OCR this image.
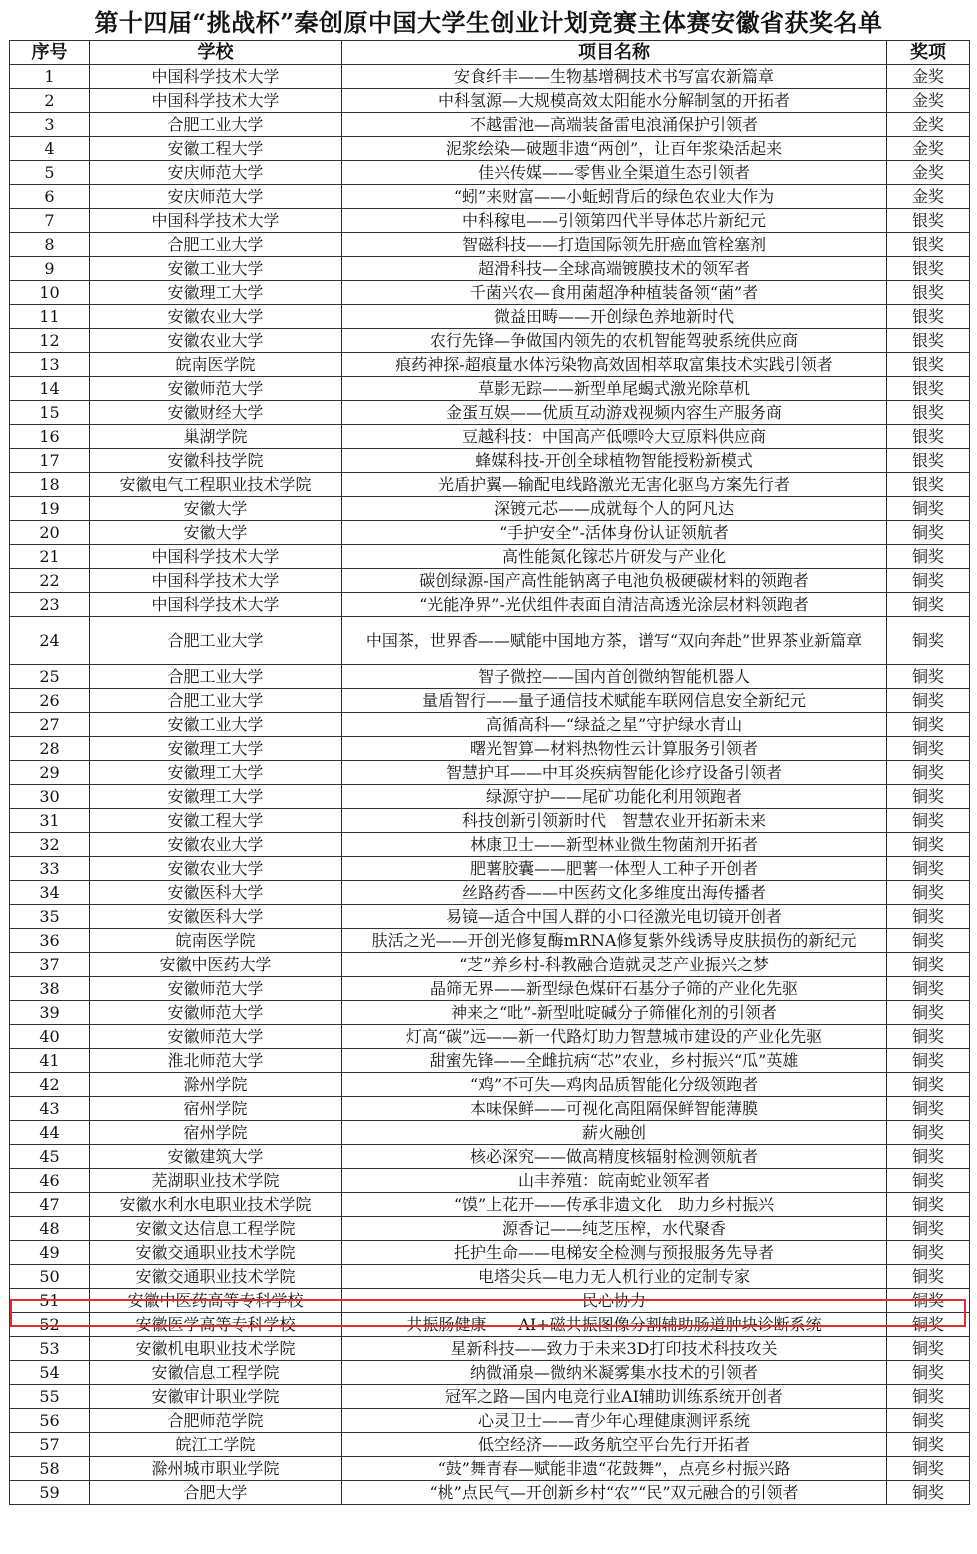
第十四届“挑战杯”秦创原中国大学生创业计划竞赛主体赛安徽省获奖名单
序号	学校	项目名称	奖项
1	中国科学技术大学	安食纤丰——生物基增稠技术书写富农新篇章	金奖
2	中国科学技术大学	中科氢源—大规模高效太阳能水分解制氢的开拓者	金奖
3	合肥工业大学	不越雷池—高端装备雷电浪涌保护引领者	金奖
4	安徽工程大学	泥浆绘染—破题非遗“两创”，让百年浆染活起来	金奖
5	安庆师范大学	佳兴传媒——零售业全渠道生态引领者	金奖
6	安庆师范大学	“蚓”来财富——小蚯蚓背后的绿色农业大作为	金奖
7	中国科学技术大学	中科稼电——引领第四代半导体芯片新纪元	银奖
8	合肥工业大学	智磁科技——打造国际领先肝癌血管栓塞剂	银奖
9	安徽工业大学	超滑科技—全球高端镀膜技术的领军者	银奖
10	安徽理工大学	千菌兴农—食用菌超净种植装备领“菌”者	银奖
11	安徽农业大学	微益田畴——开创绿色养地新时代	银奖
12	安徽农业大学	农行先锋—争做国内领先的农机智能驾驶系统供应商	银奖
13	皖南医学院	痕药神探-超痕量水体污染物高效固相萃取富集技术实践引领者	银奖
14	安徽师范大学	草影无踪——新型单尾蝎式激光除草机	银奖
15	安徽财经大学	金蛋互娱——优质互动游戏视频内容生产服务商	银奖
16	巢湖学院	豆越科技：中国高产低嘌呤大豆原料供应商	银奖
17	安徽科技学院	蜂媒科技-开创全球植物智能授粉新模式	银奖
18	安徽电气工程职业技术学院	光盾护翼—输配电线路激光无害化驱鸟方案先行者	银奖
19	安徽大学	深镀元芯——成就每个人的阿凡达	铜奖
20	安徽大学	“手护安全”-活体身份认证领航者	铜奖
21	中国科学技术大学	高性能氮化镓芯片研发与产业化	铜奖
22	中国科学技术大学	碳创绿源-国产高性能钠离子电池负极硬碳材料的领跑者	铜奖
23	中国科学技术大学	“光能净界”-光伏组件表面自清洁高透光涂层材料领跑者	铜奖
24	合肥工业大学	中国茶，世界香——赋能中国地方茶，谱写“双向奔赴”世界茶业新篇章	铜奖
25	合肥工业大学	智子微控——国内首创微纳智能机器人	铜奖
26	合肥工业大学	量盾智行——量子通信技术赋能车联网信息安全新纪元	铜奖
27	安徽工业大学	高循高科—“绿益之星”守护绿水青山	铜奖
28	安徽理工大学	曙光智算—材料热物性云计算服务引领者	铜奖
29	安徽理工大学	智慧护耳——中耳炎疾病智能化诊疗设备引领者	铜奖
30	安徽理工大学	绿源守护——尾矿功能化利用领跑者	铜奖
31	安徽工程大学	科技创新引领新时代　智慧农业开拓新未来	铜奖
32	安徽农业大学	林康卫士——新型林业微生物菌剂开拓者	铜奖
33	安徽农业大学	肥薯胶囊——肥薯一体型人工种子开创者	铜奖
34	安徽医科大学	丝路药香——中医药文化多维度出海传播者	铜奖
35	安徽医科大学	易镜—适合中国人群的小口径激光电切镜开创者	铜奖
36	皖南医学院	肤活之光——开创光修复酶mRNA修复紫外线诱导皮肤损伤的新纪元	铜奖
37	安徽中医药大学	“芝”养乡村-科教融合造就灵芝产业振兴之梦	铜奖
38	安徽师范大学	晶筛无界——新型绿色煤矸石基分子筛的产业化先驱	铜奖
39	安徽师范大学	神来之“吡”-新型吡啶碱分子筛催化剂的引领者	铜奖
40	安徽师范大学	灯高“碳”远——新一代路灯助力智慧城市建设的产业化先驱	铜奖
41	淮北师范大学	甜蜜先锋——全雌抗病“芯”农业，乡村振兴“瓜”英雄	铜奖
42	滁州学院	“鸡”不可失—鸡肉品质智能化分级领跑者	铜奖
43	宿州学院	本味保鲜——可视化高阻隔保鲜智能薄膜	铜奖
44	宿州学院	薪火融创	铜奖
45	安徽建筑大学	核必深究——做高精度核辐射检测领航者	铜奖
46	芜湖职业技术学院	山丰养殖：皖南蛇业领军者	铜奖
47	安徽水利水电职业技术学院	“馍”上花开——传承非遗文化　助力乡村振兴	铜奖
48	安徽文达信息工程学院	源香记——纯芝压榨，水代聚香	铜奖
49	安徽交通职业技术学院	托护生命——电梯安全检测与预报服务先导者	铜奖
50	安徽交通职业技术学院	电塔尖兵—电力无人机行业的定制专家	铜奖
51	安徽中医药高等专科学校	民心协力	铜奖
52	安徽医学高等专科学校	共振肠健康——AI+磁共振图像分割辅助肠道肿块诊断系统	铜奖
53	安徽机电职业技术学院	星新科技——致力于未来3D打印技术科技攻关	铜奖
54	安徽信息工程学院	纳微涌泉—微纳米凝雾集水技术的引领者	铜奖
55	安徽审计职业学院	冠军之路—国内电竞行业AI辅助训练系统开创者	铜奖
56	合肥师范学院	心灵卫士——青少年心理健康测评系统	铜奖
57	皖江工学院	低空经济——政务航空平台先行开拓者	铜奖
58	滁州城市职业学院	“鼓”舞青春—赋能非遗“花鼓舞”，点亮乡村振兴路	铜奖
59	合肥大学	“桃”点民气—开创新乡村“农”“民”双元融合的引领者	铜奖
